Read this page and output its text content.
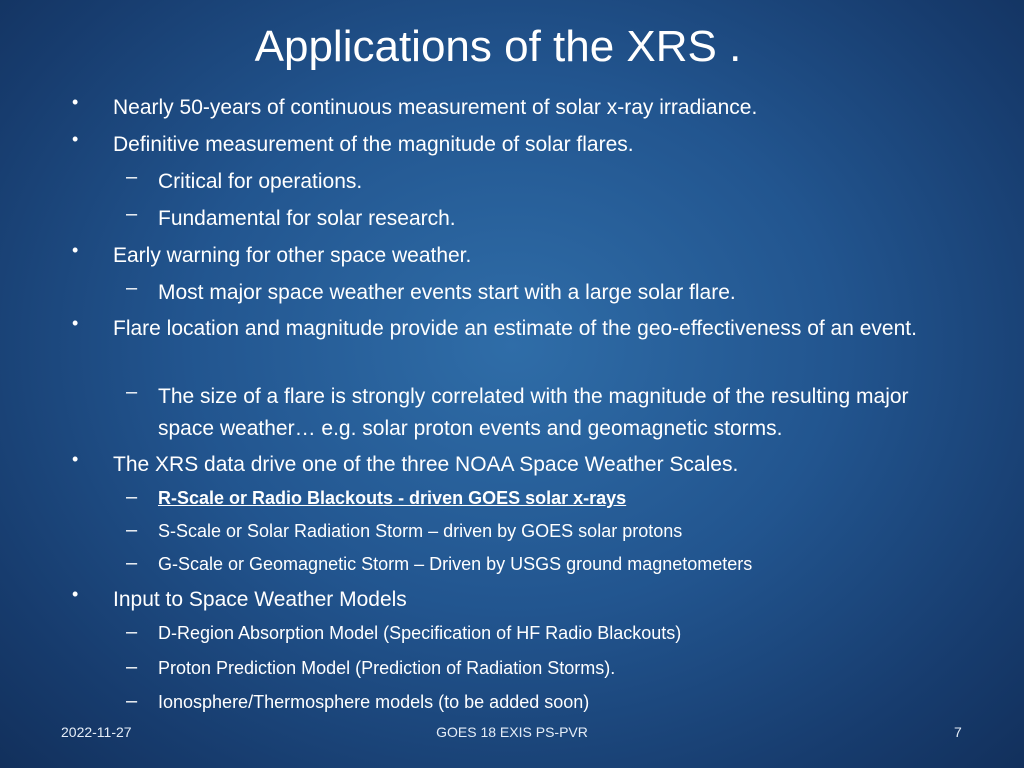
Applications of the XRS .
• Nearly 50-years of continuous measurement of solar x-ray irradiance.
• Definitive measurement of the magnitude of solar flares.
– Critical for operations.
– Fundamental for solar research.
• Early warning for other space weather.
– Most major space weather events start with a large solar flare.
• Flare location and magnitude provide an estimate of the geo-effectiveness of an event.
– The size of a flare is strongly correlated with the magnitude of the resulting major space weather… e.g. solar proton events and geomagnetic storms.
• The XRS data drive one of the three NOAA Space Weather Scales.
– R-Scale or Radio Blackouts - driven GOES solar x-rays
– S-Scale or Solar Radiation Storm – driven by GOES solar protons
– G-Scale or Geomagnetic Storm – Driven by USGS ground magnetometers
• Input to Space Weather Models
– D-Region Absorption Model (Specification of HF Radio Blackouts)
– Proton Prediction Model (Prediction of Radiation Storms).
– Ionosphere/Thermosphere models (to be added soon)
2022-11-27	GOES 18 EXIS PS-PVR	7
